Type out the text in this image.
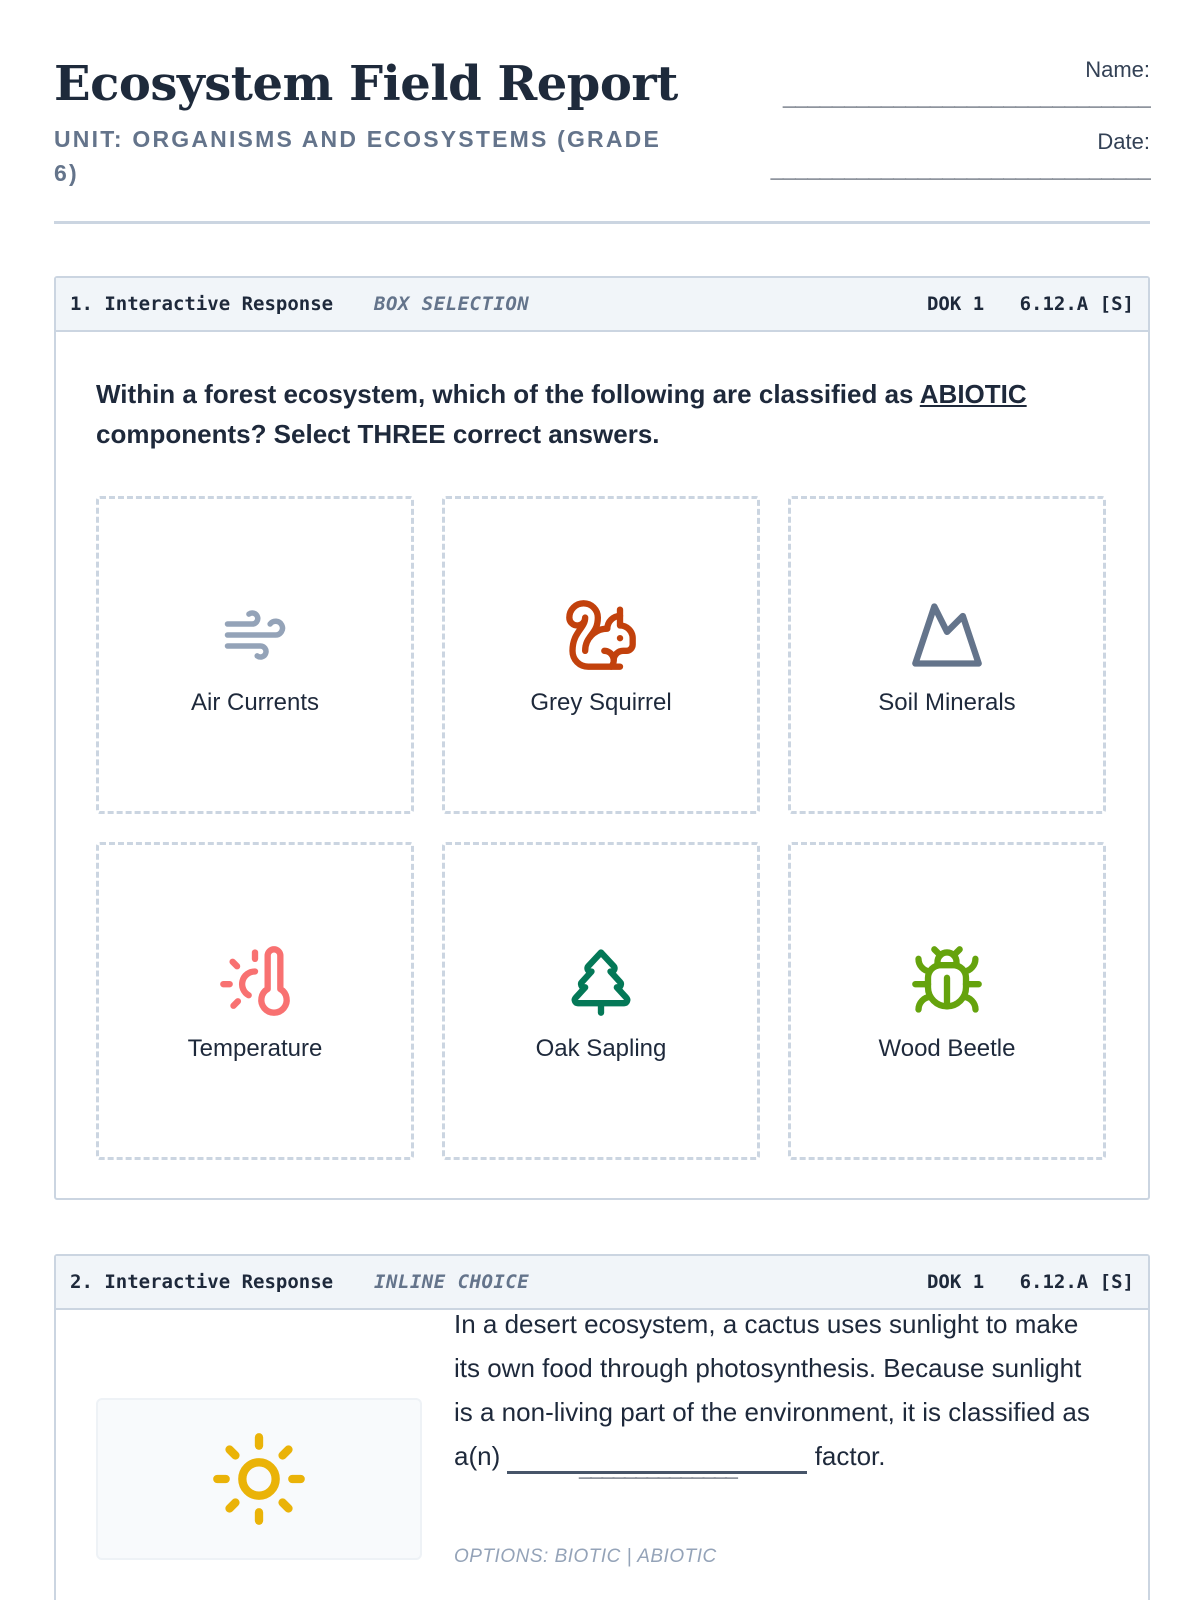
Ecosystem Field Report
UNIT: ORGANISMS AND ECOSYSTEMS (GRADE 6)
Name:
______________________________
Date:
_______________________________
1. Interactive Response BOX SELECTION	DOK 1 6.12.A [S]
Within a forest ecosystem, which of the following are classified as ABIOTIC components? Select THREE correct answers.
Air Currents	Grey Squirrel	Soil Minerals
Temperature	Oak Sapling	Wood Beetle
2. Interactive Response INLINE CHOICE	DOK 1 6.12.A [S]
In a desert ecosystem, a cactus uses sunlight to make its own food through photosynthesis. Because sunlight is a non-living part of the environment, it is classified as a(n)	______________	factor.
OPTIONS: BIOTIC | ABIOTIC
